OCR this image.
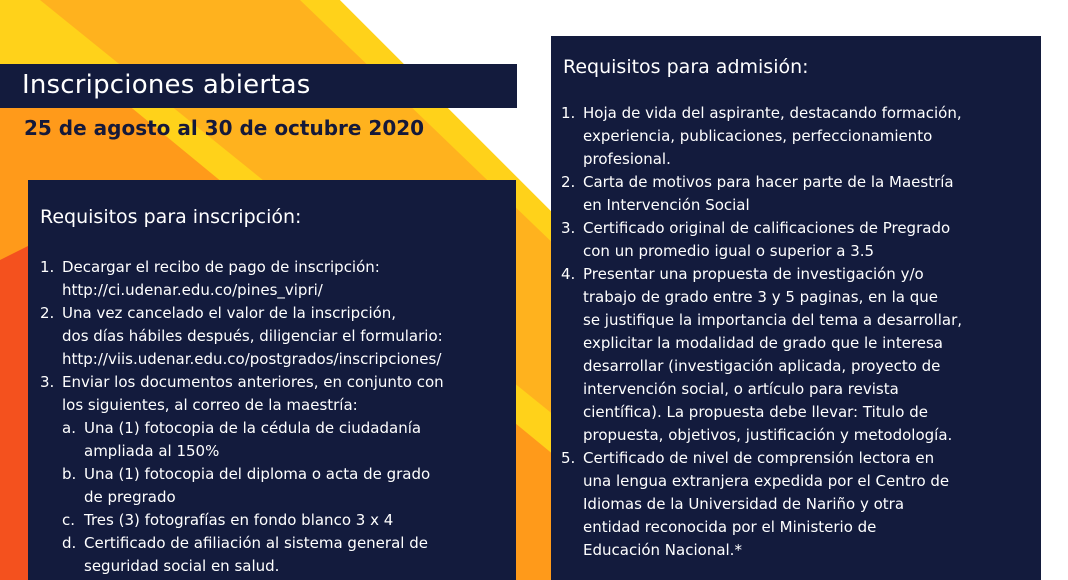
Inscripciones abiertas
25 de agosto al 30 de octubre 2020
Requisitos para inscripción:
1. Decargar el recibo de pago de inscripción:
http://ci.udenar.edu.co/pines_vipri/
2. Una vez cancelado el valor de la inscripción,
dos días hábiles después, diligenciar el formulario:
http://viis.udenar.edu.co/postgrados/inscripciones/
3. Enviar los documentos anteriores, en conjunto con
los siguientes, al correo de la maestría:
a. Una (1) fotocopia de la cédula de ciudadanía
ampliada al 150%
b. Una (1) fotocopia del diploma o acta de grado
de pregrado
c. Tres (3) fotografías en fondo blanco 3 x 4
d. Certificado de afiliación al sistema general de
seguridad social en salud.
Requisitos para admisión:
1. Hoja de vida del aspirante, destacando formación,
experiencia, publicaciones, perfeccionamiento
profesional.
2. Carta de motivos para hacer parte de la Maestría
en Intervención Social
3. Certificado original de calificaciones de Pregrado
con un promedio igual o superior a 3.5
4. Presentar una propuesta de investigación y/o
trabajo de grado entre 3 y 5 paginas, en la que
se justifique la importancia del tema a desarrollar,
explicitar la modalidad de grado que le interesa
desarrollar (investigación aplicada, proyecto de
intervención social, o artículo para revista
científica). La propuesta debe llevar: Titulo de
propuesta, objetivos, justificación y metodología.
5. Certificado de nivel de comprensión lectora en
una lengua extranjera expedida por el Centro de
Idiomas de la Universidad de Nariño y otra
entidad reconocida por el Ministerio de
Educación Nacional.*
